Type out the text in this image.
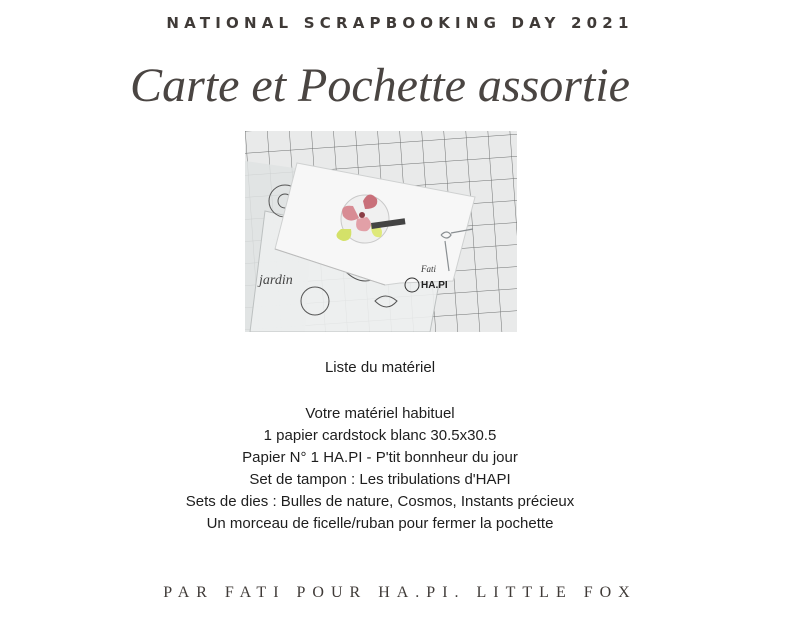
NATIONAL SCRAPBOOKING DAY 2021
Carte et Pochette assortie
jardin
Fati
HA.PI
Liste du matériel
Votre matériel habituel
1 papier cardstock blanc 30.5x30.5
Papier N° 1 HA.PI - P'tit bonnheur du jour
Set de tampon : Les tribulations d'HAPI
Sets de dies : Bulles de nature, Cosmos, Instants précieux
Un morceau de ficelle/ruban pour fermer la pochette
PAR FATI POUR HA.PI. LITTLE FOX
